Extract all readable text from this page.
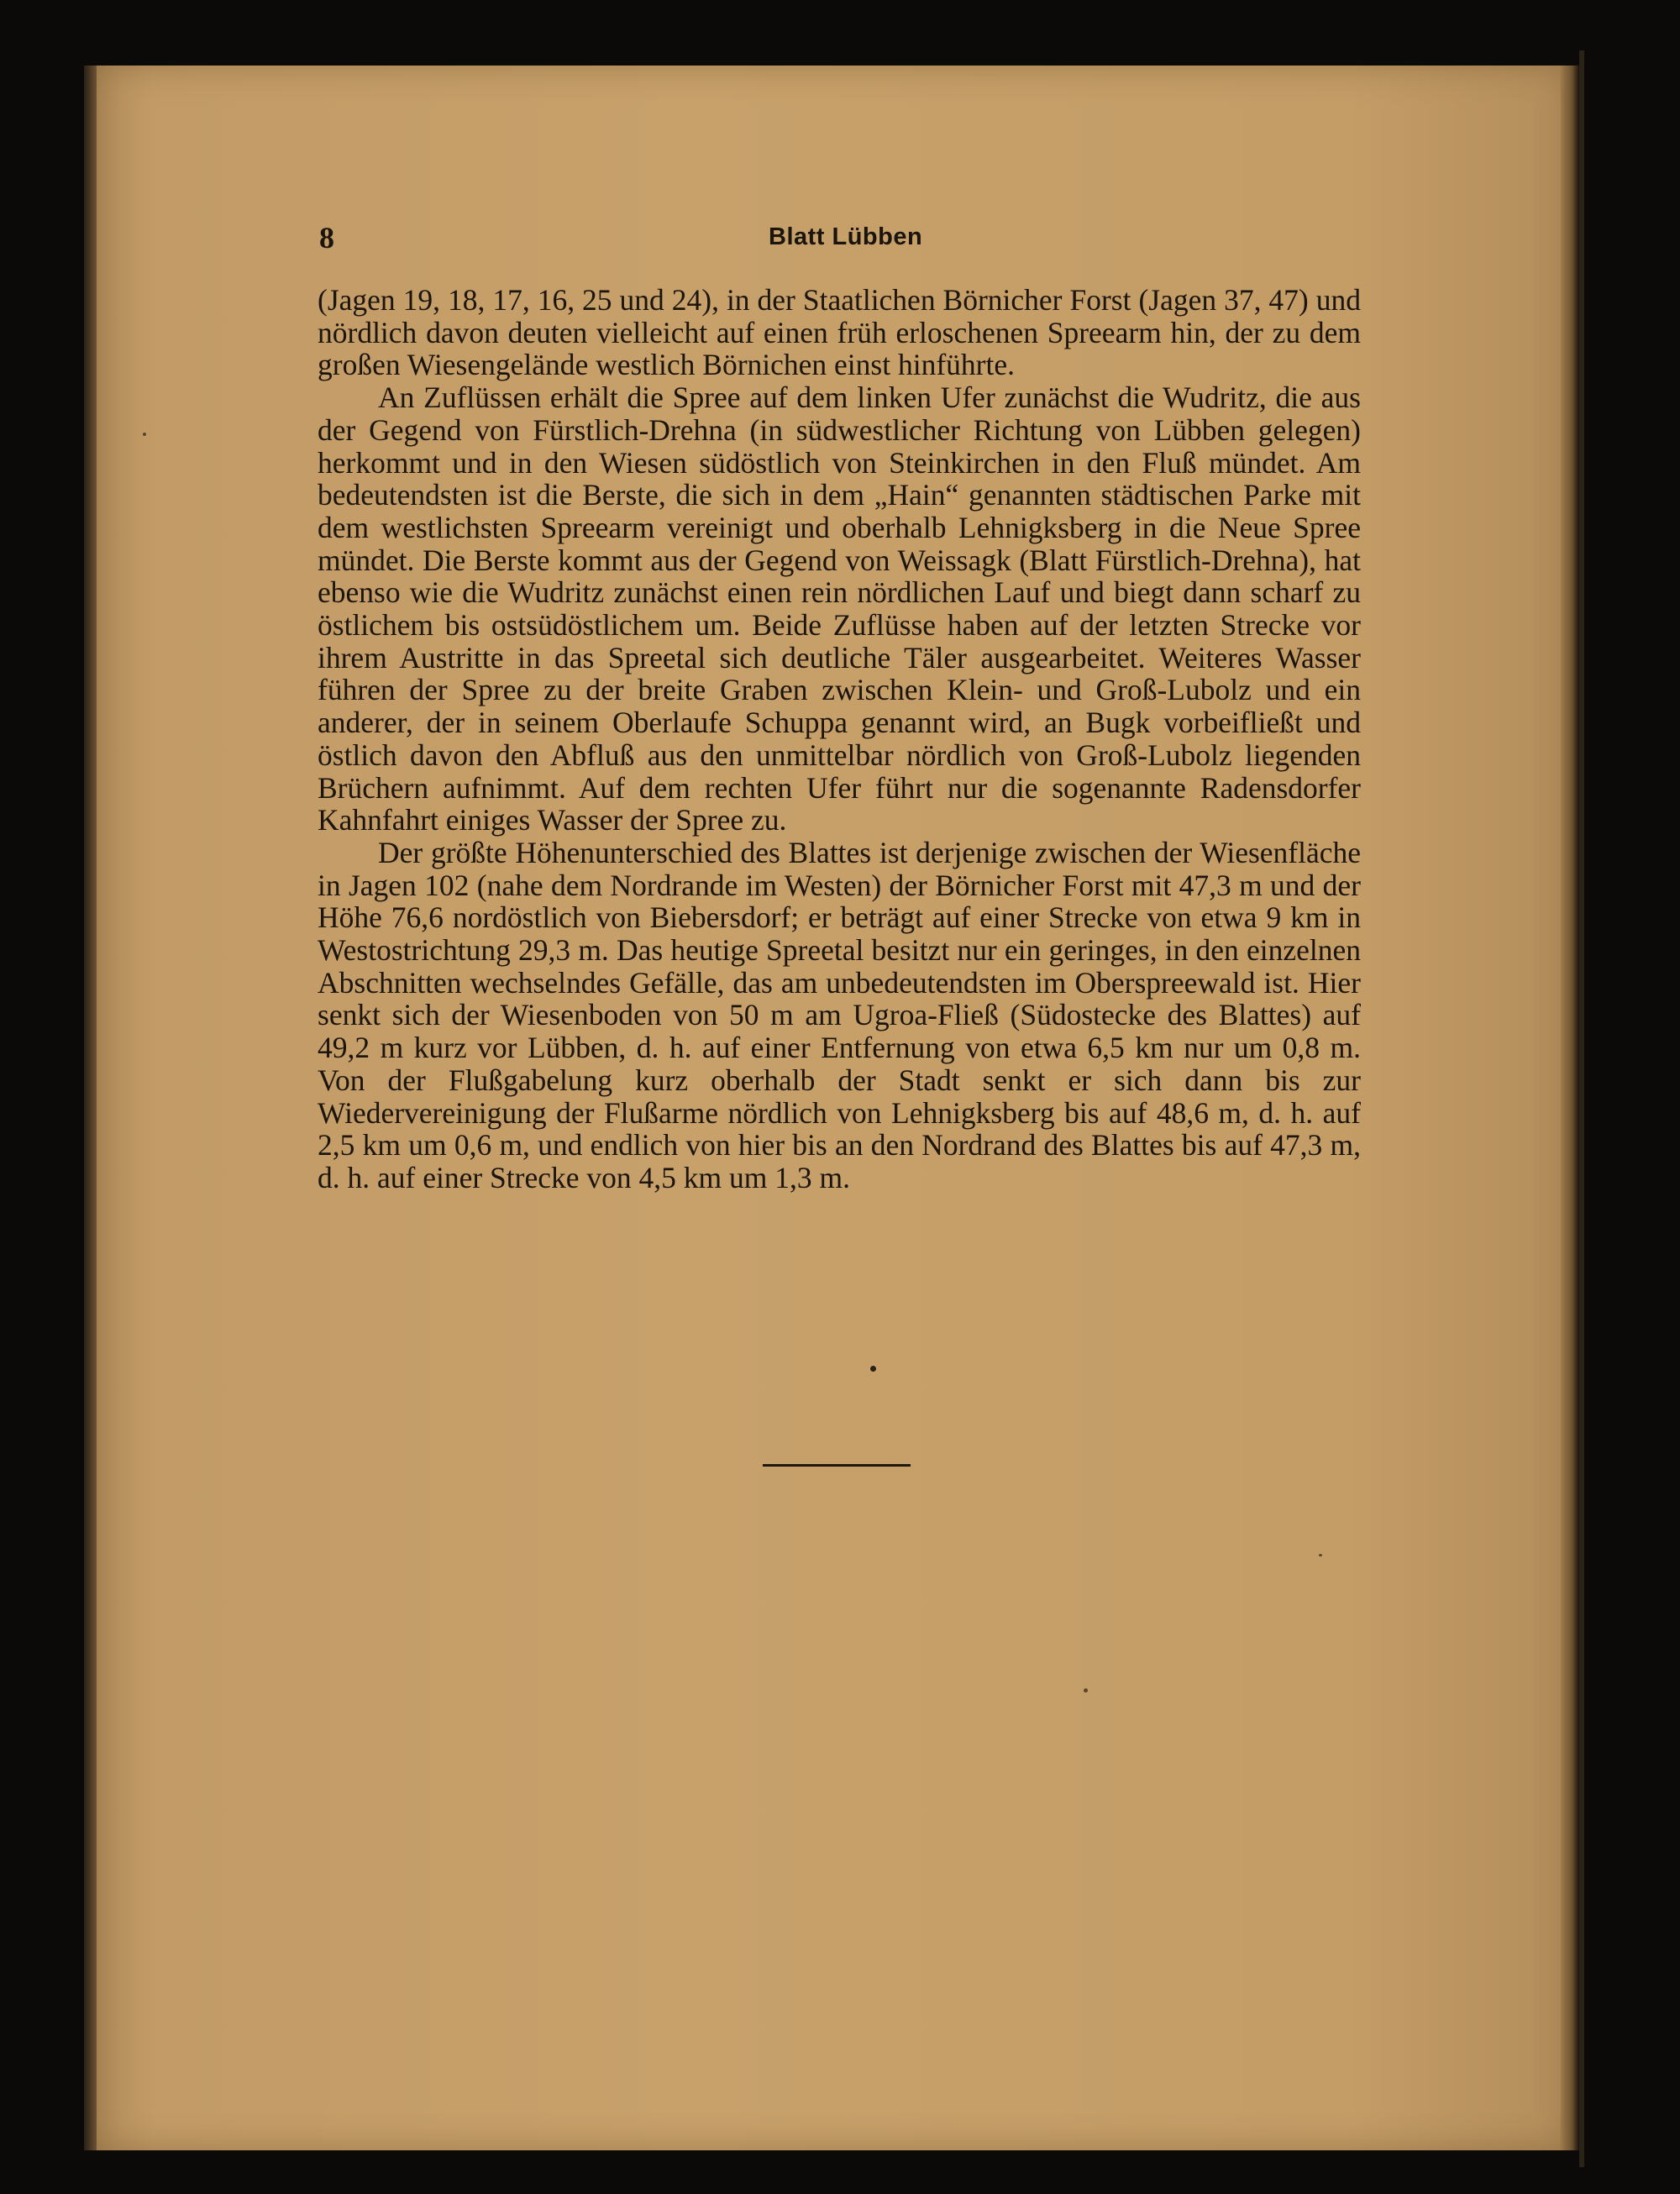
8	Blatt Lübben

(Jagen 19, 18, 17, 16, 25 und 24), in der Staatlichen Börnicher Forst (Jagen 37, 47) und nördlich davon deuten vielleicht auf einen früh erloschenen Spreearm hin, der zu dem großen Wiesengelände westlich Börnichen einst hinführte.

An Zuflüssen erhält die Spree auf dem linken Ufer zunächst die Wudritz, die aus der Gegend von Fürstlich-Drehna (in südwestlicher Richtung von Lübben gelegen) herkommt und in den Wiesen südöstlich von Steinkirchen in den Fluß mündet. Am bedeutendsten ist die Berste, die sich in dem „Hain“ genannten städtischen Parke mit dem westlichsten Spreearm vereinigt und oberhalb Lehnigksberg in die Neue Spree mündet. Die Berste kommt aus der Gegend von Weissagk (Blatt Fürstlich-Drehna), hat ebenso wie die Wudritz zunächst einen rein nördlichen Lauf und biegt dann scharf zu östlichem bis ostsüdöstlichem um. Beide Zuflüsse haben auf der letzten Strecke vor ihrem Austritte in das Spreetal sich deutliche Täler ausgearbeitet. Weiteres Wasser führen der Spree zu der breite Graben zwischen Klein- und Groß-Lubolz und ein anderer, der in seinem Oberlaufe Schuppa genannt wird, an Bugk vorbeifließt und östlich davon den Abfluß aus den unmittelbar nördlich von Groß-Lubolz liegenden Brüchern aufnimmt. Auf dem rechten Ufer führt nur die sogenannte Radensdorfer Kahnfahrt einiges Wasser der Spree zu.

Der größte Höhenunterschied des Blattes ist derjenige zwischen der Wiesenfläche in Jagen 102 (nahe dem Nordrande im Westen) der Börnicher Forst mit 47,3 m und der Höhe 76,6 nordöstlich von Biebersdorf; er beträgt auf einer Strecke von etwa 9 km in Westostrichtung 29,3 m. Das heutige Spreetal besitzt nur ein geringes, in den einzelnen Abschnitten wechselndes Gefälle, das am unbedeutendsten im Oberspreewald ist. Hier senkt sich der Wiesenboden von 50 m am Ugroa-Fließ (Südostecke des Blattes) auf 49,2 m kurz vor Lübben, d. h. auf einer Entfernung von etwa 6,5 km nur um 0,8 m. Von der Flußgabelung kurz oberhalb der Stadt senkt er sich dann bis zur Wiedervereinigung der Flußarme nördlich von Lehnigksberg bis auf 48,6 m, d. h. auf 2,5 km um 0,6 m, und endlich von hier bis an den Nordrand des Blattes bis auf 47,3 m, d. h. auf einer Strecke von 4,5 km um 1,3 m.
